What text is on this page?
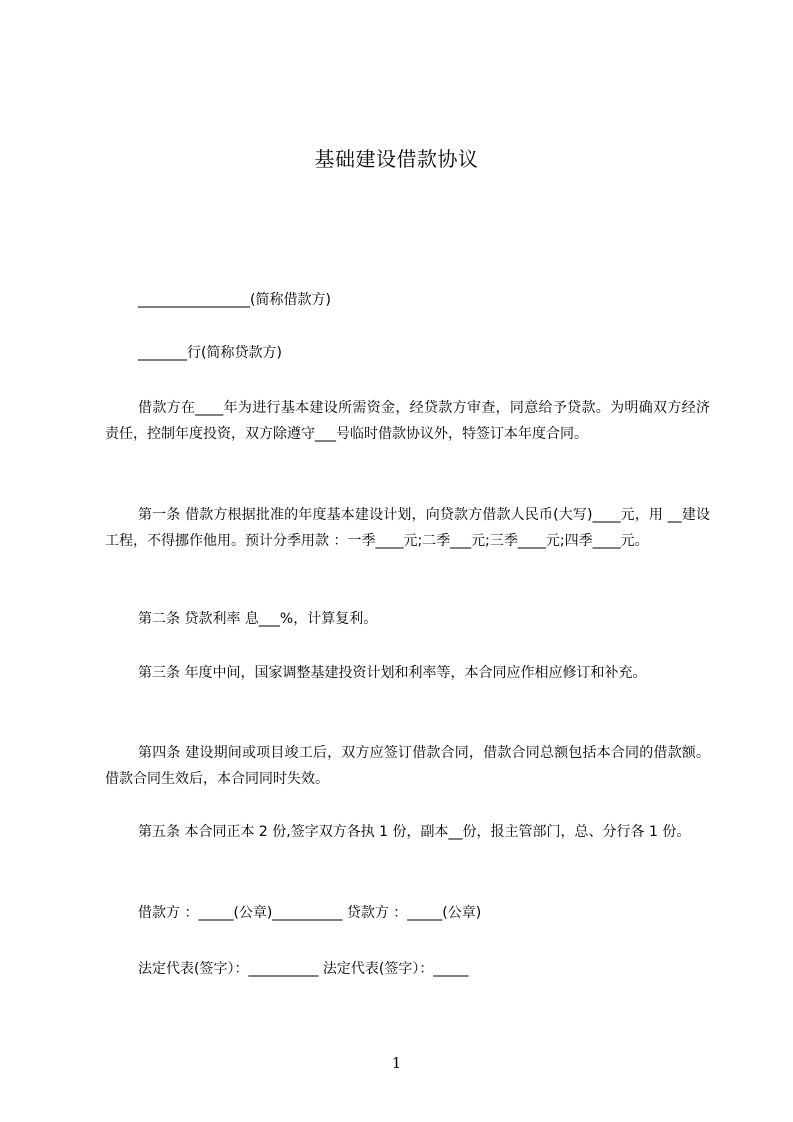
基础建设借款协议
________________(简称借款方)
_______行(简称贷款方)
借款方在____年为进行基本建设所需资金，经贷款方审查，同意给予贷款。为明确双方经济责任，控制年度投资，双方除遵守___号临时借款协议外，特签订本年度合同。
第一条 借款方根据批准的年度基本建设计划，向贷款方借款人民币(大写)____元，用 __建设工程，不得挪作他用。预计分季用款 ：一季____元;二季___元;三季____元;四季____元。
第二条 贷款利率 息___%，计算复利。
第三条 年度中间，国家调整基建投资计划和利率等，本合同应作相应修订和补充。
第四条 建设期间或项目竣工后，双方应签订借款合同，借款合同总额包括本合同的借款额。借款合同生效后，本合同同时失效。
第五条 本合同正本 2 份,签字双方各执 1 份，副本__份，报主管部门，总、分行各 1 份。
借款方 ：_____(公章)__________ 贷款方 ：_____(公章)
法定代表(签字）：__________ 法定代表(签字）：_____
1
